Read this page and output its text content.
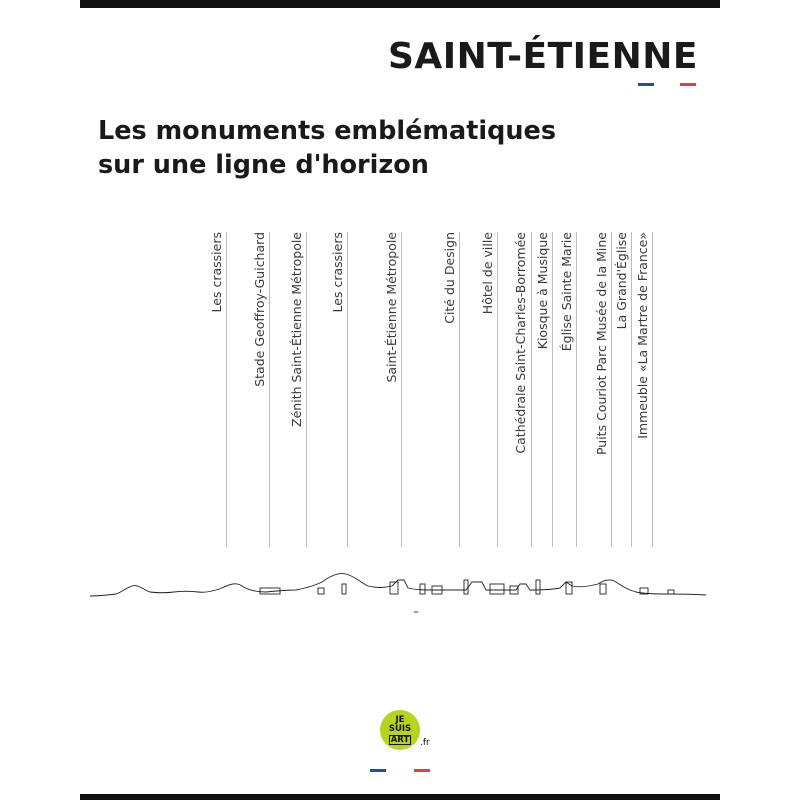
SAINT-ÉTIENNE
Les monuments emblématiques
sur une ligne d'horizon
Les crassiers Stade Geoffroy-Guichard Zénith Saint-Étienne Métropole Les crassiers	Saint-Étienne Métropole	Cité du Design Hôtel de ville Cathédrale Saint-Charles-Borromée Kiosque à Musique Église Sainte Marie Puits Couriot Parc Musée de la Mine La Grand'Église Immeuble «La Martre de France»
JE
SUIS
ART .fr
